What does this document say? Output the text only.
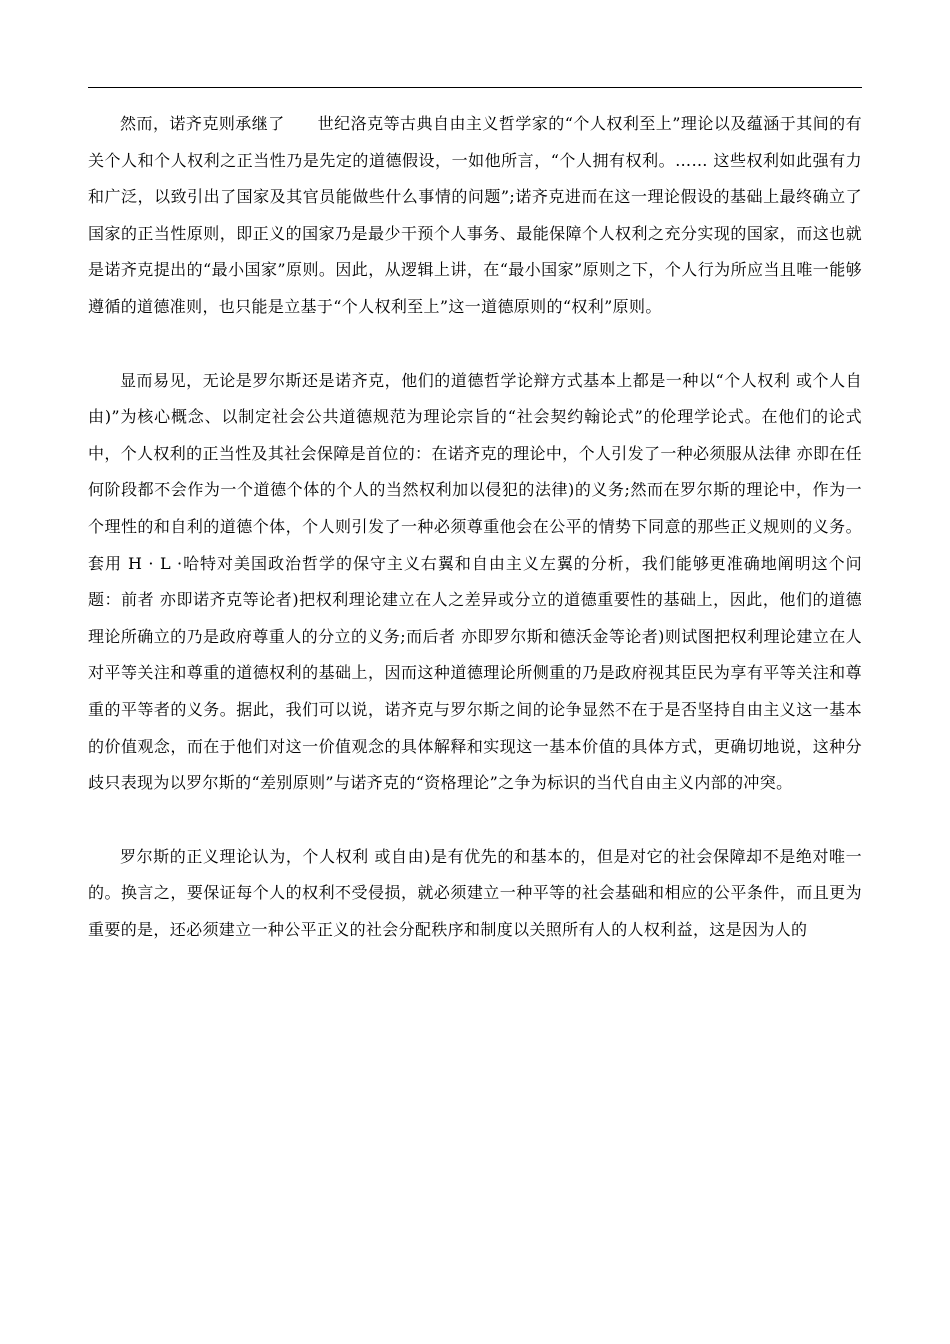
然而，诺齐克则承继了　　世纪洛克等古典自由主义哲学家的“个人权利至上”理论以及蕴涵于其间的有关个人和个人权利之正当性乃是先定的道德假设，一如他所言，“个人拥有权利。…… 这些权利如此强有力和广泛，以致引出了国家及其官员能做些什么事情的问题”;诺齐克进而在这一理论假设的基础上最终确立了国家的正当性原则，即正义的国家乃是最少干预个人事务、最能保障个人权利之充分实现的国家，而这也就是诺齐克提出的“最小国家”原则。因此，从逻辑上讲，在“最小国家”原则之下，个人行为所应当且唯一能够遵循的道德准则，也只能是立基于“个人权利至上”这一道德原则的“权利”原则。

显而易见，无论是罗尔斯还是诺齐克，他们的道德哲学论辩方式基本上都是一种以“个人权利 或个人自由)”为核心概念、以制定社会公共道德规范为理论宗旨的“社会契约翰论式”的伦理学论式。在他们的论式中，个人权利的正当性及其社会保障是首位的：在诺齐克的理论中，个人引发了一种必须服从法律 亦即在任何阶段都不会作为一个道德个体的个人的当然权利加以侵犯的法律)的义务;然而在罗尔斯的理论中，作为一个理性的和自利的道德个体，个人则引发了一种必须尊重他会在公平的情势下同意的那些正义规则的义务。套用 H · L ·哈特对美国政治哲学的保守主义右翼和自由主义左翼的分析，我们能够更准确地阐明这个问题：前者 亦即诺齐克等论者)把权利理论建立在人之差异或分立的道德重要性的基础上，因此，他们的道德理论所确立的乃是政府尊重人的分立的义务;而后者 亦即罗尔斯和德沃金等论者)则试图把权利理论建立在人对平等关注和尊重的道德权利的基础上，因而这种道德理论所侧重的乃是政府视其臣民为享有平等关注和尊重的平等者的义务。据此，我们可以说，诺齐克与罗尔斯之间的论争显然不在于是否坚持自由主义这一基本的价值观念，而在于他们对这一价值观念的具体解释和实现这一基本价值的具体方式，更确切地说，这种分歧只表现为以罗尔斯的“差别原则”与诺齐克的“资格理论”之争为标识的当代自由主义内部的冲突。

罗尔斯的正义理论认为，个人权利 或自由)是有优先的和基本的，但是对它的社会保障却不是绝对唯一的。换言之，要保证每个人的权利不受侵损，就必须建立一种平等的社会基础和相应的公平条件，而且更为重要的是，还必须建立一种公平正义的社会分配秩序和制度以关照所有人的人权利益，这是因为人的
